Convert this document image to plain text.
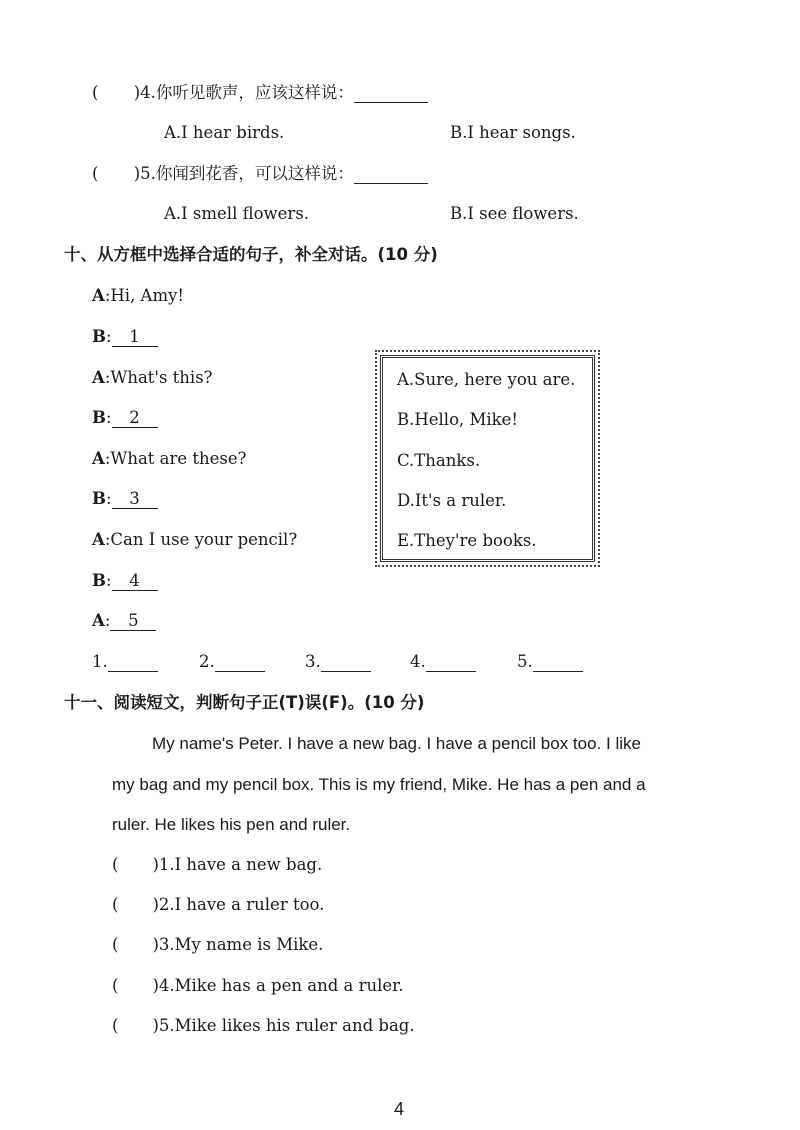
( )4.你听见歌声，应该这样说：
A.I hear birds.	B.I hear songs.
( )5.你闻到花香，可以这样说：
A.I smell flowers.	B.I see flowers.
十、从方框中选择合适的句子，补全对话。(10 分)
A:Hi, Amy!
B: 1
A:What's this?
B: 2
A:What are these?
B: 3
A:Can I use your pencil?
B: 4
A: 5
A.Sure, here you are.
B.Hello, Mike!
C.Thanks.
D.It's a ruler.
E.They're books.
1.	2.	3.	4.	5.
十一、阅读短文，判断句子正(T)误(F)。(10 分)
My name's Peter. I have a new bag. I have a pencil box too. I like
my bag and my pencil box. This is my friend, Mike. He has a pen and a
ruler. He likes his pen and ruler.
( )1.I have a new bag.
( )2.I have a ruler too.
( )3.My name is Mike.
( )4.Mike has a pen and a ruler.
( )5.Mike likes his ruler and bag.
4
